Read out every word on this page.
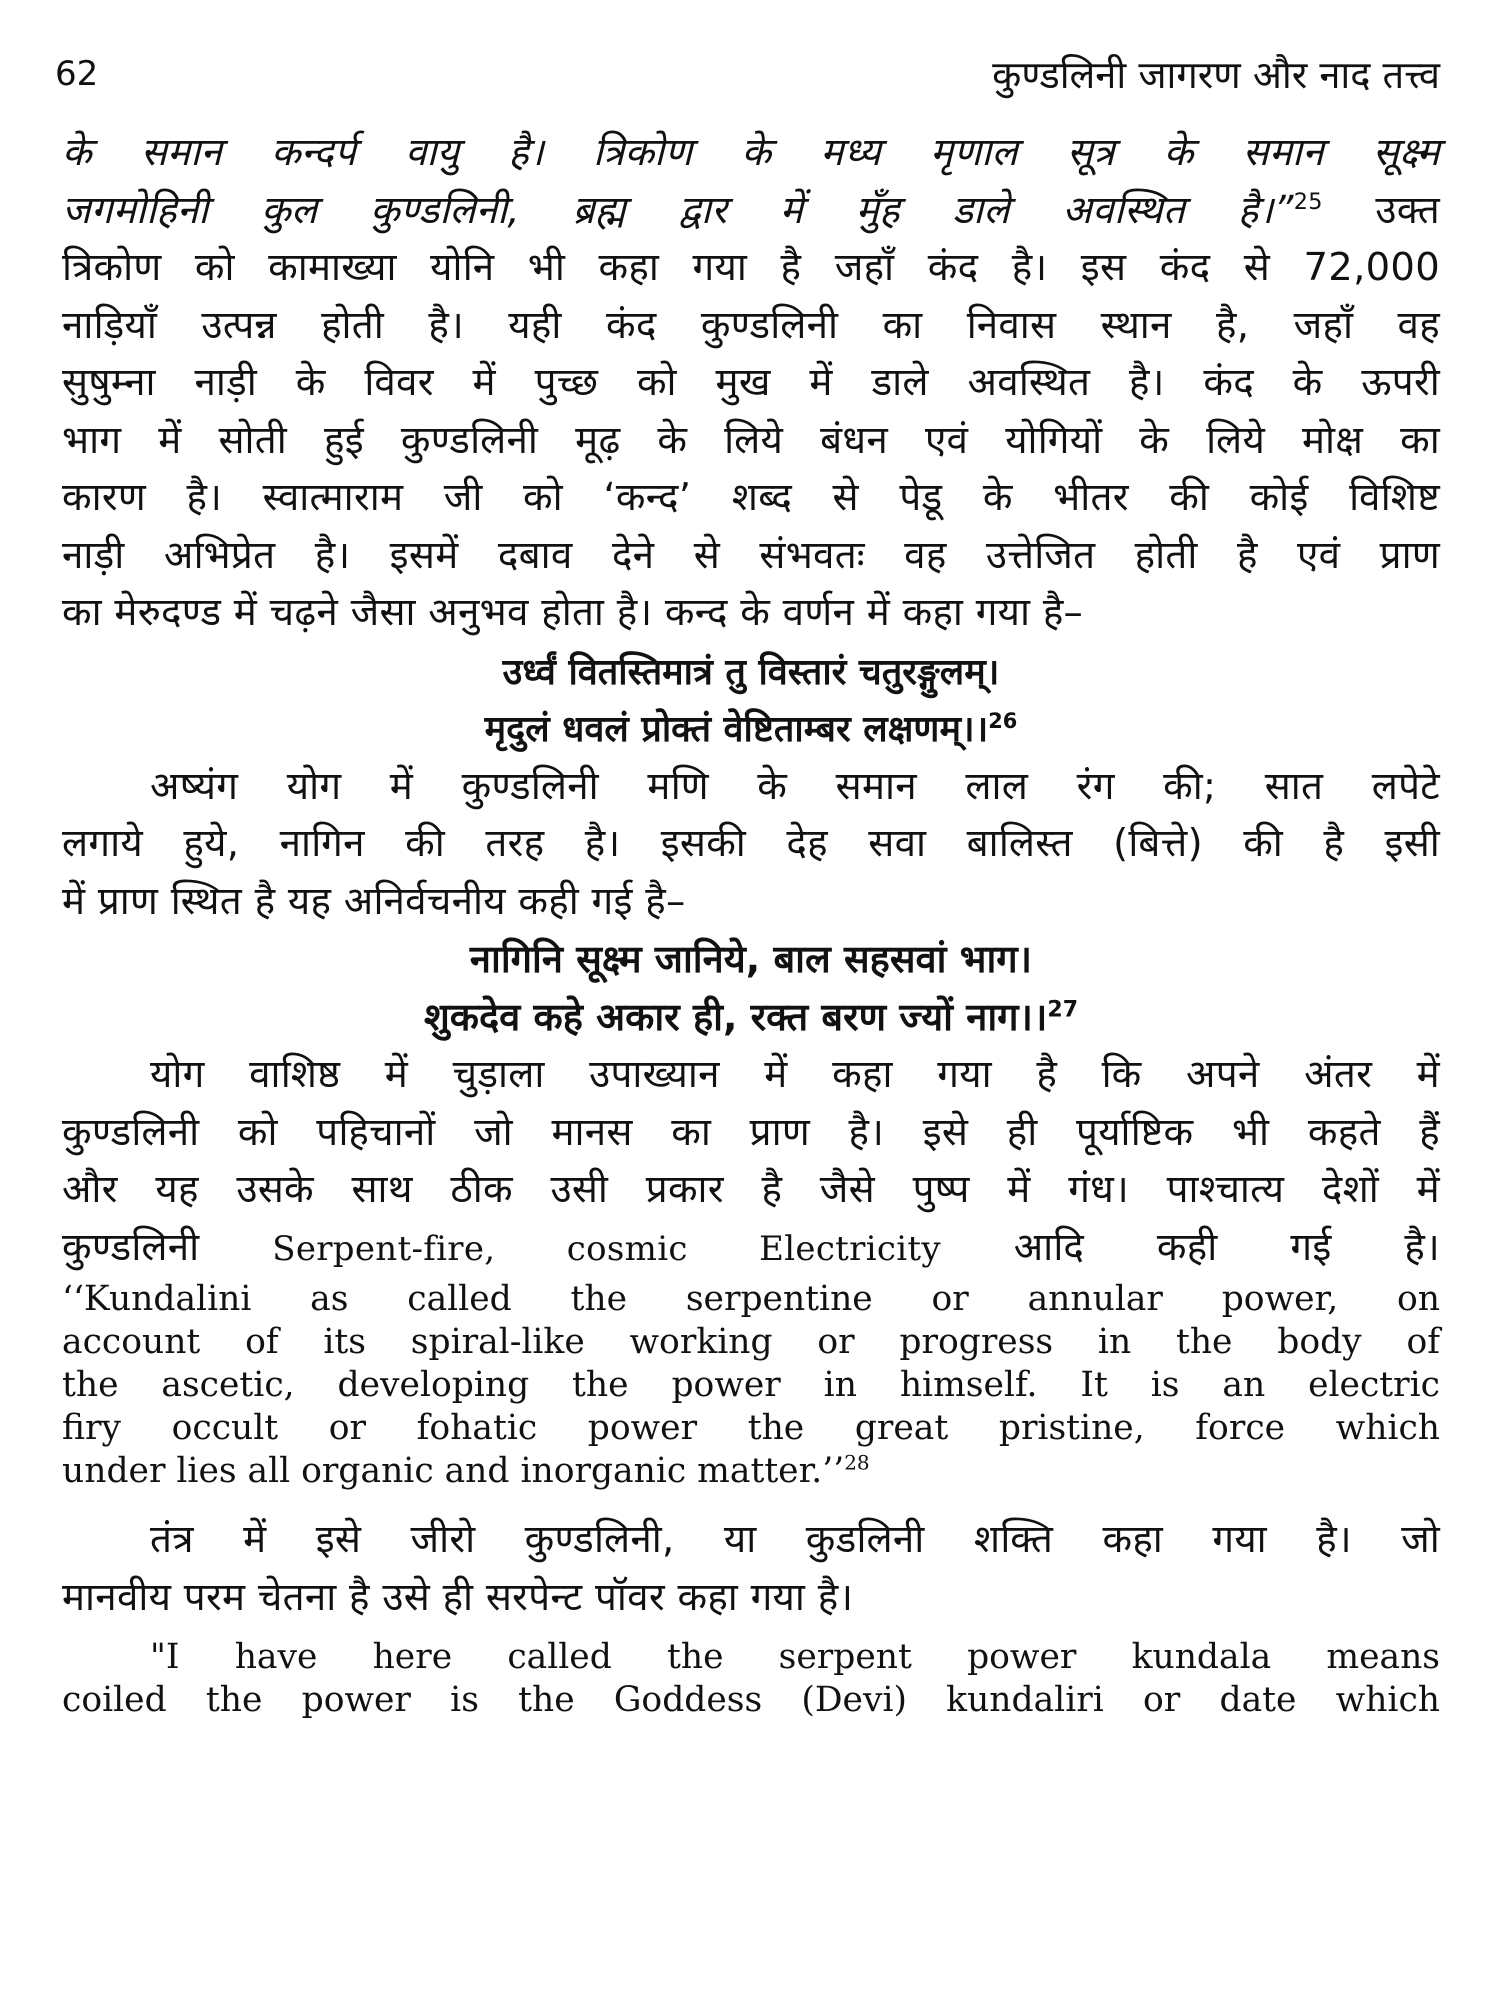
62	कुण्डलिनी जागरण और नाद तत्त्व
के समान कन्दर्प वायु है। त्रिकोण के मध्य मृणाल सूत्र के समान सूक्ष्म
जगमोहिनी कुल कुण्डलिनी, ब्रह्म द्वार में मुँह डाले अवस्थित है।”$^{25}$ उक्त
त्रिकोण को कामाख्या योनि भी कहा गया है जहाँ कंद है। इस कंद से 72,000
नाड़ियाँ उत्पन्न होती है। यही कंद कुण्डलिनी का निवास स्थान है, जहाँ वह
सुषुम्ना नाड़ी के विवर में पुच्छ को मुख में डाले अवस्थित है। कंद के ऊपरी
भाग में सोती हुई कुण्डलिनी मूढ़ के लिये बंधन एवं योगियों के लिये मोक्ष का
कारण है। स्वात्माराम जी को ‘कन्द’ शब्द से पेडू के भीतर की कोई विशिष्ट
नाड़ी अभिप्रेत है। इसमें दबाव देने से संभवतः वह उत्तेजित होती है एवं प्राण
का मेरुदण्ड में चढ़ने जैसा अनुभव होता है। कन्द के वर्णन में कहा गया है–
उर्ध्वं वितस्तिमात्रं तु विस्तारं चतुरङ्गुलम्।
मृदुलं धवलं प्रोक्तं वेष्टिताम्बर लक्षणम्।।$^{26}$
अष्यंग योग में कुण्डलिनी मणि के समान लाल रंग की; सात लपेटे
लगाये हुये, नागिन की तरह है। इसकी देह सवा बालिस्त (बित्ते) की है इसी
में प्राण स्थित है यह अनिर्वचनीय कही गई है–
नागिनि सूक्ष्म जानिये, बाल सहसवां भाग।
शुकदेव कहे अकार ही, रक्त बरण ज्यों नाग।।$^{27}$
योग वाशिष्ठ में चुड़ाला उपाख्यान में कहा गया है कि अपने अंतर में
कुण्डलिनी को पहिचानों जो मानस का प्राण है। इसे ही पूर्याष्टिक भी कहते हैं
और यह उसके साथ ठीक उसी प्रकार है जैसे पुष्प में गंध। पाश्चात्य देशों में
कुण्डलिनी Serpent-fire, cosmic Electricity आदि कही गई है।
‘‘Kundalini as called the serpentine or annular power, on
account of its spiral-like working or progress in the body of
the ascetic, developing the power in himself. It is an electric
firy occult or fohatic power the great pristine, force which
under lies all organic and inorganic matter.’’$^{28}$
तंत्र में इसे जीरो कुण्डलिनी, या कुडलिनी शक्ति कहा गया है। जो
मानवीय परम चेतना है उसे ही सरपेन्ट पॉवर कहा गया है।
"I have here called the serpent power kundala means
coiled the power is the Goddess (Devi) kundaliri or date which
